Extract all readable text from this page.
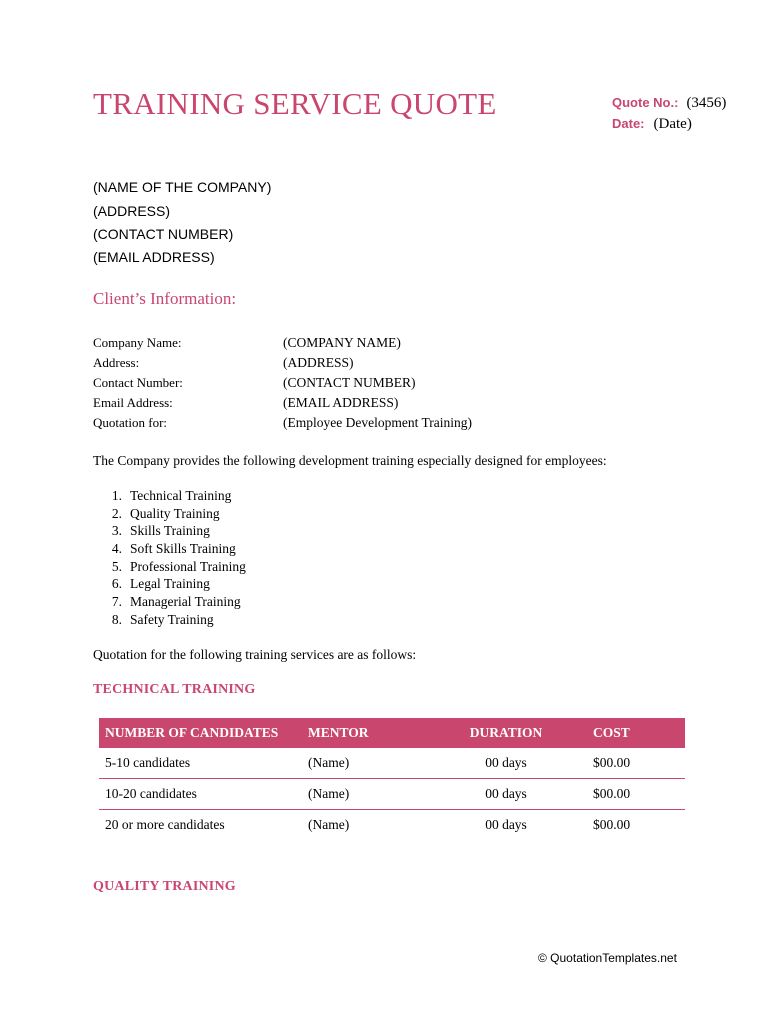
TRAINING SERVICE QUOTE	Quote No.: (3456)
Date: (Date)
(NAME OF THE COMPANY)
(ADDRESS)
(CONTACT NUMBER)
(EMAIL ADDRESS)
Client’s Information:
Company Name:	(COMPANY NAME)
Address:	(ADDRESS)
Contact Number:	(CONTACT NUMBER)
Email Address:	(EMAIL ADDRESS)
Quotation for:	(Employee Development Training)
The Company provides the following development training especially designed for employees:
1. Technical Training
2. Quality Training
3. Skills Training
4. Soft Skills Training
5. Professional Training
6. Legal Training
7. Managerial Training
8. Safety Training
Quotation for the following training services are as follows:
TECHNICAL TRAINING
NUMBER OF CANDIDATES	MENTOR	DURATION	COST
5-10 candidates	(Name)	00 days	$00.00
10-20 candidates	(Name)	00 days	$00.00
20 or more candidates	(Name)	00 days	$00.00
QUALITY TRAINING
© QuotationTemplates.net
